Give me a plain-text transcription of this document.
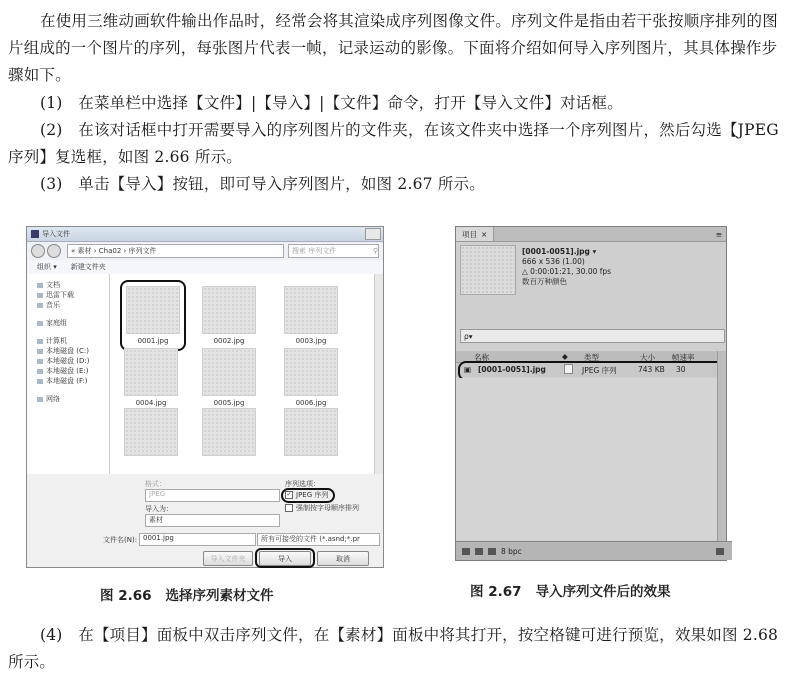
在使用三维动画软件输出作品时，经常会将其渲染成序列图像文件。序列文件是指由若干张按顺序排列的图片组成的一个图片的序列，每张图片代表一帧，记录运动的影像。下面将介绍如何导入序列图片，其具体操作步骤如下。

(1)　在菜单栏中选择【文件】|【导入】|【文件】命令，打开【导入文件】对话框。

(2)　在该对话框中打开需要导入的序列图片的文件夹，在该文件夹中选择一个序列图片，然后勾选【JPEG 序列】复选框，如图 2.66 所示。

(3)　单击【导入】按钮，即可导入序列图片，如图 2.67 所示。

导入文件
« 素材 › Cha02 › 序列文件	搜索 序列文件	⚲
组织 ▾ 新建文件夹
文档
迅雷下载
音乐
家庭组
计算机
本地磁盘 (C:)
本地磁盘 (D:)
本地磁盘 (E:)
本地磁盘 (F:)
网络
0001.jpg	0002.jpg	0003.jpg
0004.jpg	0005.jpg	0006.jpg
格式：
JPEG
导入为：
素材
序列选项：
✓ JPEG 序列
强制按字母顺序排列
文件名(N): 0001.jpg	所有可接受的文件 (*.asnd;*.pr
导入文件夹	导入	取消
图 2.66 选择序列素材文件
项目 ×	≡
[0001-0051].jpg ▾
666 x 536 (1.00)
△ 0:00:01:21, 30.00 fps
数百万种颜色
ρ▾
名称	◆ 类型	大小 帧速率
▣ [0001-0051].jpg	JPEG 序列	743 KB 30
8 bpc
图 2.67 导入序列文件后的效果

(4)　在【项目】面板中双击序列文件，在【素材】面板中将其打开，按空格键可进行预览，效果如图 2.68 所示。
